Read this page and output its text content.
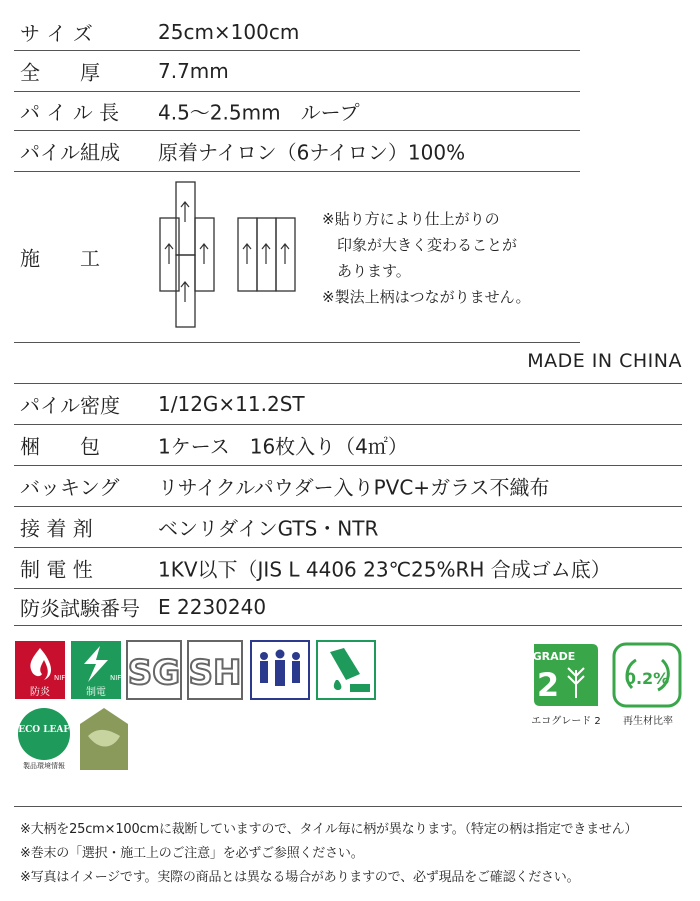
サ イ ズ	25cm×100cm
全　　厚	7.7mm
パ イ ル 長 4.5〜2.5mm　ループ
パイル組成 原着ナイロン（6ナイロン）100%
施　　工
※貼り方により仕上がりの
　印象が大きく変わることが
　あります。
※製法上柄はつながりません。
MADE IN CHINA
パイル密度 1/12G×11.2ST
梱　　包	1ケース　16枚入り（4㎡）
バッキング リサイクルパウダー入りPVC+ガラス不織布
接 着 剤	ベンリダインGTS・NTR
制 電 性	1KV以下（JIS L 4406 23℃25%RH 合成ゴム底）
防炎試験番号 E 2230240
NIF
防炎
NIF
制電 SG SH	GRADE
2
エコグレード 2
0.2%
再生材比率
ECO LEAF
製品環境情報
※大柄を25cm×100cmに裁断していますので、タイル毎に柄が異なります。（特定の柄は指定できません）
※巻末の「選択・施工上のご注意」を必ずご参照ください。
※写真はイメージです。実際の商品とは異なる場合がありますので、必ず現品をご確認ください。
